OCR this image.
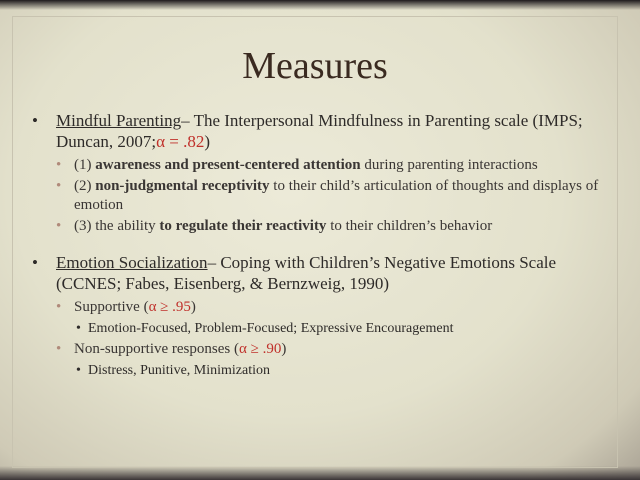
Measures
• Mindful Parenting– The Interpersonal Mindfulness in Parenting scale (IMPS; Duncan, 2007;α = .82)
• (1) awareness and present-centered attention during parenting interactions
• (2) non-judgmental receptivity to their child’s articulation of thoughts and displays of emotion
• (3) the ability to regulate their reactivity to their children’s behavior
• Emotion Socialization– Coping with Children’s Negative Emotions Scale (CCNES; Fabes, Eisenberg, & Bernzweig, 1990)
• Supportive (α ≥ .95)
• Emotion-Focused, Problem-Focused; Expressive Encouragement
• Non-supportive responses (α ≥ .90)
• Distress, Punitive, Minimization
